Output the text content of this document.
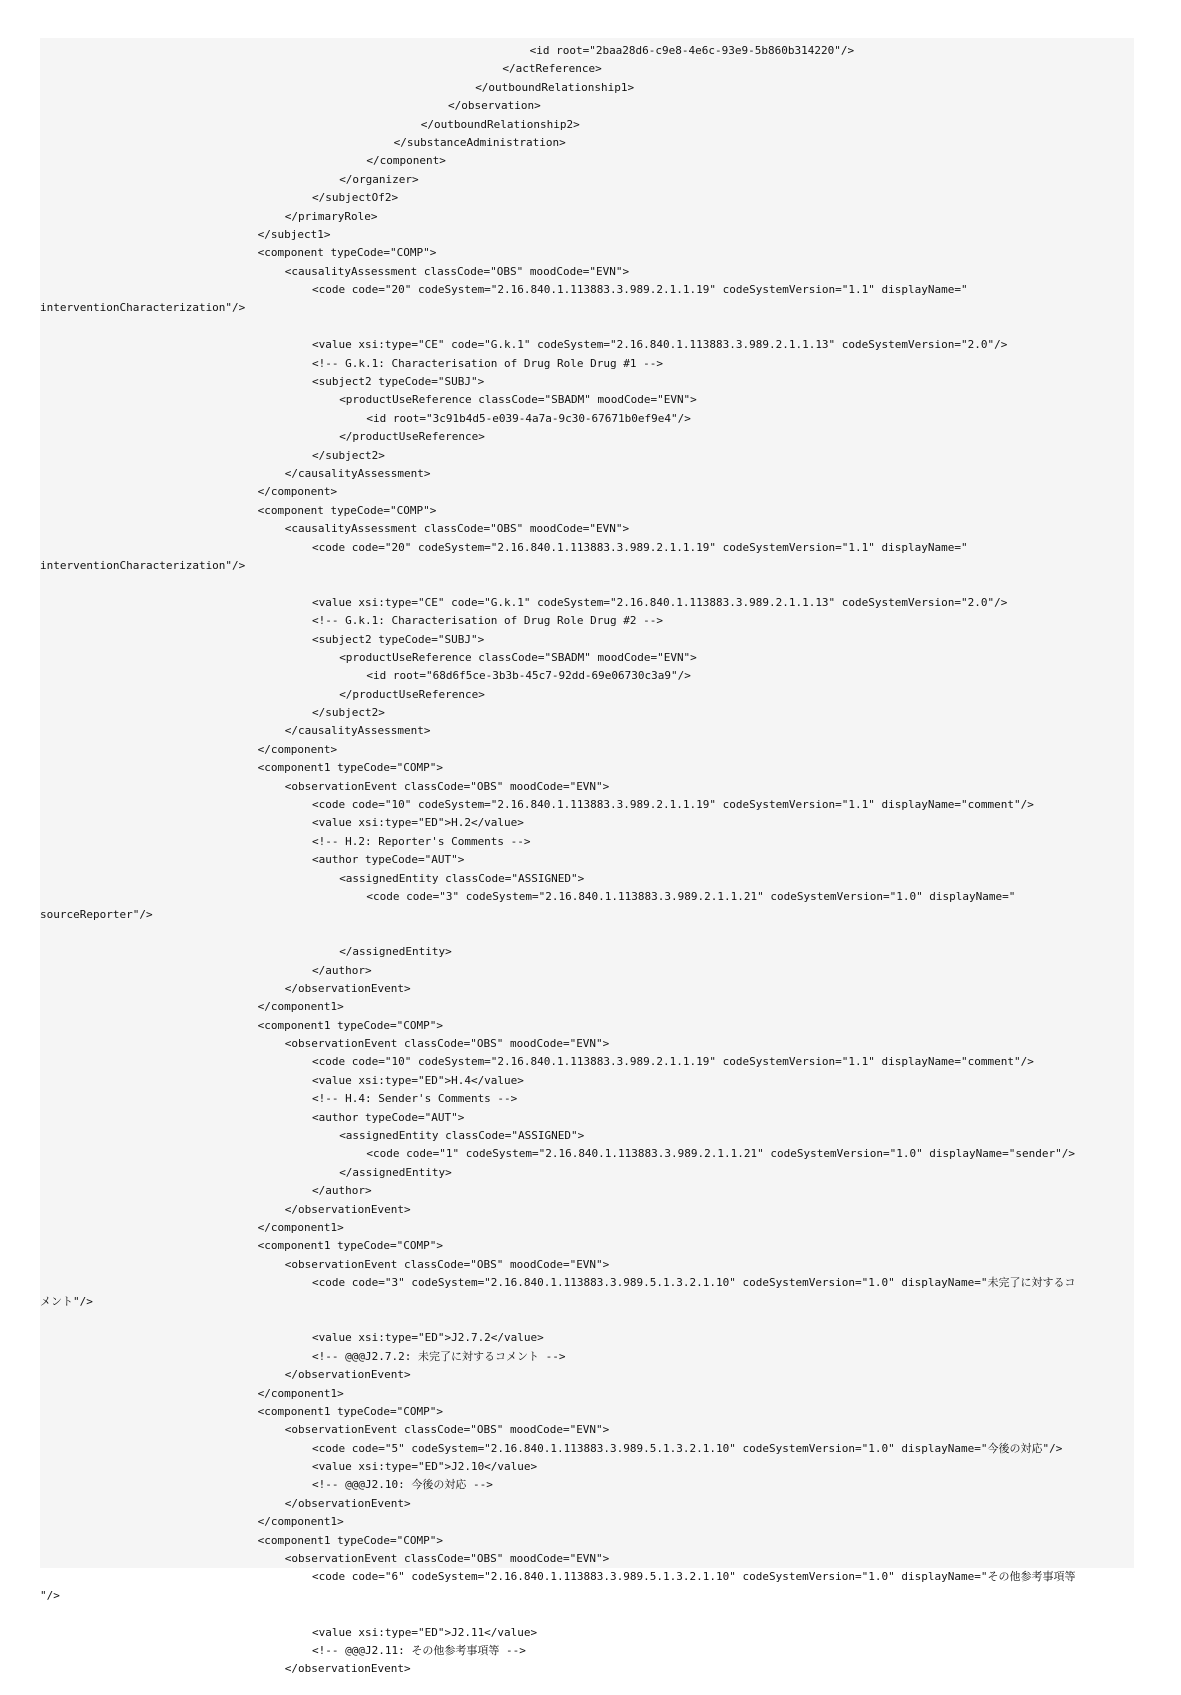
<id root="2baa28d6-c9e8-4e6c-93e9-5b860b314220"/>
</actReference>
</outboundRelationship1>
</observation>
</outboundRelationship2>
</substanceAdministration>
</component>
</organizer>
</subjectOf2>
</primaryRole>
</subject1>
<component typeCode="COMP">
<causalityAssessment classCode="OBS" moodCode="EVN">
<code code="20" codeSystem="2.16.840.1.113883.3.989.2.1.1.19" codeSystemVersion="1.1" displayName="
interventionCharacterization"/>
<value xsi:type="CE" code="G.k.1" codeSystem="2.16.840.1.113883.3.989.2.1.1.13" codeSystemVersion="2.0"/>
<!-- G.k.1: Characterisation of Drug Role Drug #1 -->
<subject2 typeCode="SUBJ">
<productUseReference classCode="SBADM" moodCode="EVN">
<id root="3c91b4d5-e039-4a7a-9c30-67671b0ef9e4"/>
</productUseReference>
</subject2>
</causalityAssessment>
</component>
<component typeCode="COMP">
<causalityAssessment classCode="OBS" moodCode="EVN">
<code code="20" codeSystem="2.16.840.1.113883.3.989.2.1.1.19" codeSystemVersion="1.1" displayName="
interventionCharacterization"/>
<value xsi:type="CE" code="G.k.1" codeSystem="2.16.840.1.113883.3.989.2.1.1.13" codeSystemVersion="2.0"/>
<!-- G.k.1: Characterisation of Drug Role Drug #2 -->
<subject2 typeCode="SUBJ">
<productUseReference classCode="SBADM" moodCode="EVN">
<id root="68d6f5ce-3b3b-45c7-92dd-69e06730c3a9"/>
</productUseReference>
</subject2>
</causalityAssessment>
</component>
<component1 typeCode="COMP">
<observationEvent classCode="OBS" moodCode="EVN">
<code code="10" codeSystem="2.16.840.1.113883.3.989.2.1.1.19" codeSystemVersion="1.1" displayName="comment"/>
<value xsi:type="ED">H.2</value>
<!-- H.2: Reporter's Comments -->
<author typeCode="AUT">
<assignedEntity classCode="ASSIGNED">
<code code="3" codeSystem="2.16.840.1.113883.3.989.2.1.1.21" codeSystemVersion="1.0" displayName="
sourceReporter"/>
</assignedEntity>
</author>
</observationEvent>
</component1>
<component1 typeCode="COMP">
<observationEvent classCode="OBS" moodCode="EVN">
<code code="10" codeSystem="2.16.840.1.113883.3.989.2.1.1.19" codeSystemVersion="1.1" displayName="comment"/>
<value xsi:type="ED">H.4</value>
<!-- H.4: Sender's Comments -->
<author typeCode="AUT">
<assignedEntity classCode="ASSIGNED">
<code code="1" codeSystem="2.16.840.1.113883.3.989.2.1.1.21" codeSystemVersion="1.0" displayName="sender"/>
</assignedEntity>
</author>
</observationEvent>
</component1>
<component1 typeCode="COMP">
<observationEvent classCode="OBS" moodCode="EVN">
<code code="3" codeSystem="2.16.840.1.113883.3.989.5.1.3.2.1.10" codeSystemVersion="1.0" displayName="未完了に対するコ
メント"/>
<value xsi:type="ED">J2.7.2</value>
<!-- @@@J2.7.2: 未完了に対するコメント -->
</observationEvent>
</component1>
<component1 typeCode="COMP">
<observationEvent classCode="OBS" moodCode="EVN">
<code code="5" codeSystem="2.16.840.1.113883.3.989.5.1.3.2.1.10" codeSystemVersion="1.0" displayName="今後の対応"/>
<value xsi:type="ED">J2.10</value>
<!-- @@@J2.10: 今後の対応 -->
</observationEvent>
</component1>
<component1 typeCode="COMP">
<observationEvent classCode="OBS" moodCode="EVN">
<code code="6" codeSystem="2.16.840.1.113883.3.989.5.1.3.2.1.10" codeSystemVersion="1.0" displayName="その他参考事項等
"/>
<value xsi:type="ED">J2.11</value>
<!-- @@@J2.11: その他参考事項等 -->
</observationEvent>
